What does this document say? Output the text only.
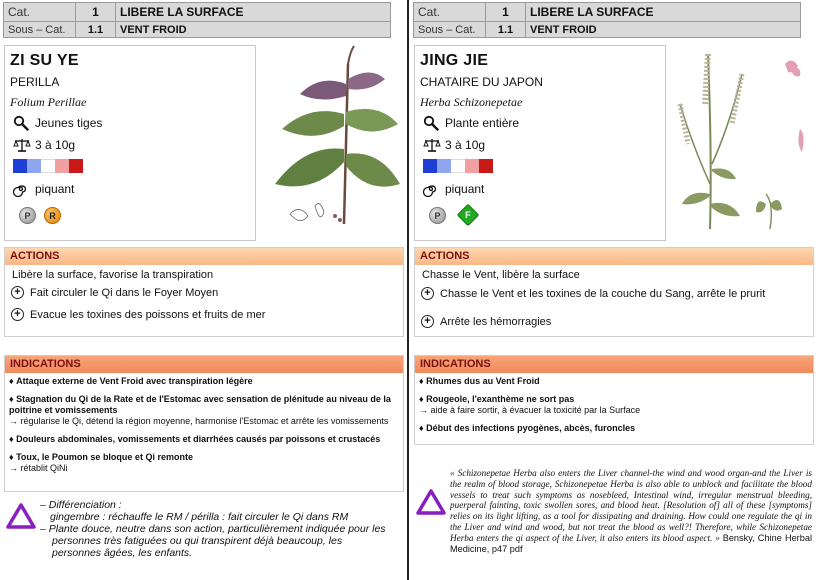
Cat.	1	LIBERE LA SURFACE
Sous – Cat.	1.1	VENT FROID
ZI SU YE
PERILLA
Folium Perillae
Jeunes tiges
3 à 10g
piquant
P R
ACTIONS
Libère la surface, favorise la transpiration
+ Fait circuler le Qi dans le Foyer Moyen
+ Evacue les toxines des poissons et fruits de mer
INDICATIONS
♦ Attaque externe de Vent Froid avec transpiration légère
♦ Stagnation du Qi de la Rate et de l'Estomac avec sensation de plénitude au niveau de la poitrine et vomissements
→ régularise le Qi, détend la région moyenne, harmonise l'Estomac et arrête les vomissements
♦ Douleurs abdominales, vomissements et diarrhées causés par poissons et crustacés
♦ Toux, le Poumon se bloque et Qi remonte
→ rétablit QiNi
– Différenciation :
gingembre : réchauffe le RM / périlla : fait circuler le Qi dans RM
– Plante douce, neutre dans son action, particulièrement indiquée pour les
personnes très fatiguées ou qui transpirent déjà beaucoup, les
personnes âgées, les enfants.
Cat.	1	LIBERE LA SURFACE
Sous – Cat.	1.1	VENT FROID
JING JIE
CHATAIRE DU JAPON
Herba Schizonepetae
Plante entière
3 à 10g
piquant
P	F
ACTIONS
Chasse le Vent, libère la surface
+ Chasse le Vent et les toxines de la couche du Sang, arrête le prurit
+ Arrête les hémorragies
INDICATIONS
♦ Rhumes dus au Vent Froid
♦ Rougeole, l'exanthème ne sort pas
→ aide à faire sortir, à évacuer la toxicité par la Surface
♦ Début des infections pyogènes, abcès, furoncles
« Schizonepetae Herba also enters the Liver channel-the wind and wood organ-and the Liver is the realm of blood storage, Schizonepetae Herba is also able to unblock and facilitate the blood vessels to treat such symptoms as nosebleed, Intestinal wind, irregular menstrual bleeding, puerperal fainting, toxic swollen sores, and blood heat. [Resolution of] all of these [symptoms] relies on its light lifting, as a tool for dissipating and draining. How could one regulate the qi in the Liver and wind and wood, but not treat the blood as well?! Therefore, while Schizonepetae Herba enters the qi aspect of the Liver, it also enters its blood aspect. » Bensky, Chine Herbal Medicine, p47 pdf
